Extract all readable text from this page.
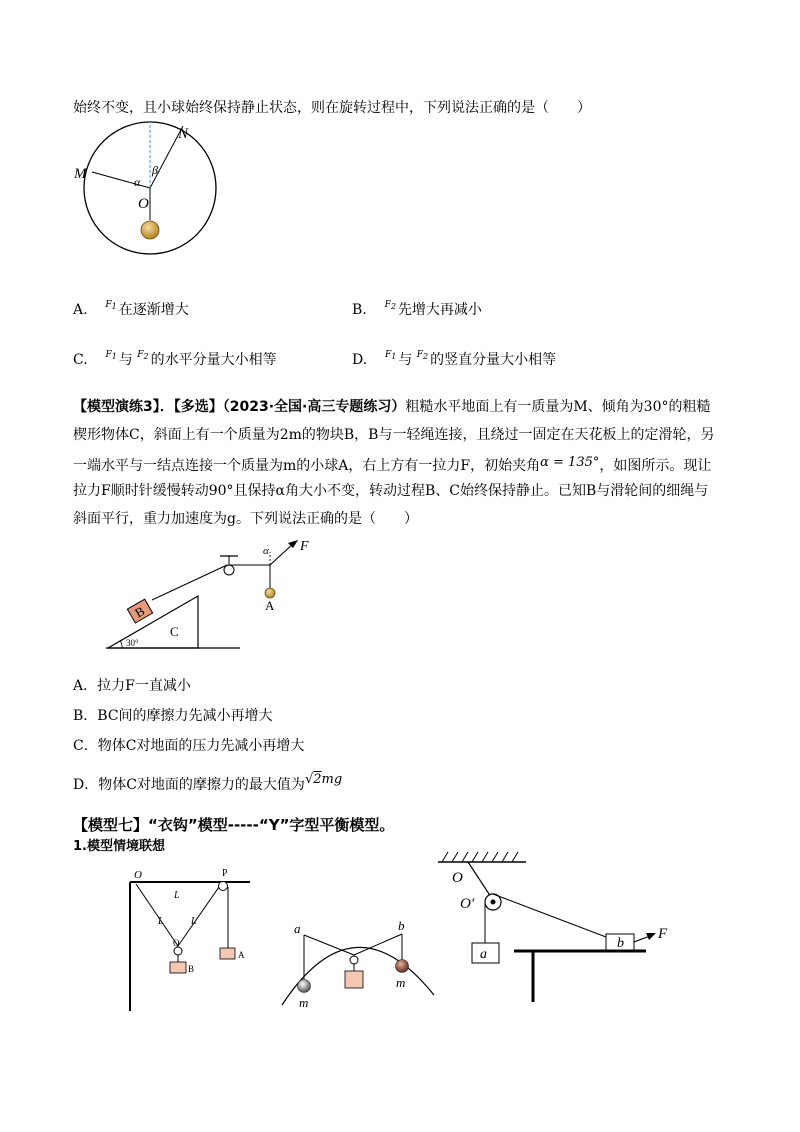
始终不变，且小球始终保持静止状态，则在旋转过程中，下列说法正确的是（　　）
M
N
O
α
β
A. $^{F1}$ 在逐渐增大	B. $^{F2}$ 先增大再减小
C. $^{F1}$ 与 $^{F2}$ 的水平分量大小相等	D. $^{F1}$ 与 $^{F2}$ 的竖直分量大小相等
【模型演练3】．【多选】（2023·全国·高三专题练习）粗糙水平地面上有一质量为M、倾角为30°的粗糙
楔形物体C，斜面上有一个质量为2m的物块B，B与一轻绳连接，且绕过一固定在天花板上的定滑轮，另
一端水平与一结点连接一个质量为m的小球A，右上方有一拉力F，初始夹角α = 135°，如图所示。现让
拉力F顺时针缓慢转动90°且保持α角大小不变，转动过程B、C始终保持静止。已知B与滑轮间的细绳与
斜面平行，重力加速度为g。下列说法正确的是（　　）
B
F
α
A
C
30°
A．拉力F一直减小
B．BC间的摩擦力先减小再增大
C．物体C对地面的压力先减小再增大
D．物体C对地面的摩擦力的最大值为√2mg
【模型七】“衣钩”模型-----“Y”字型平衡模型。
1.模型情境联想
O	P
L
L	L
Q
A
B
a	b
m
m
O
O′
a
b
F
